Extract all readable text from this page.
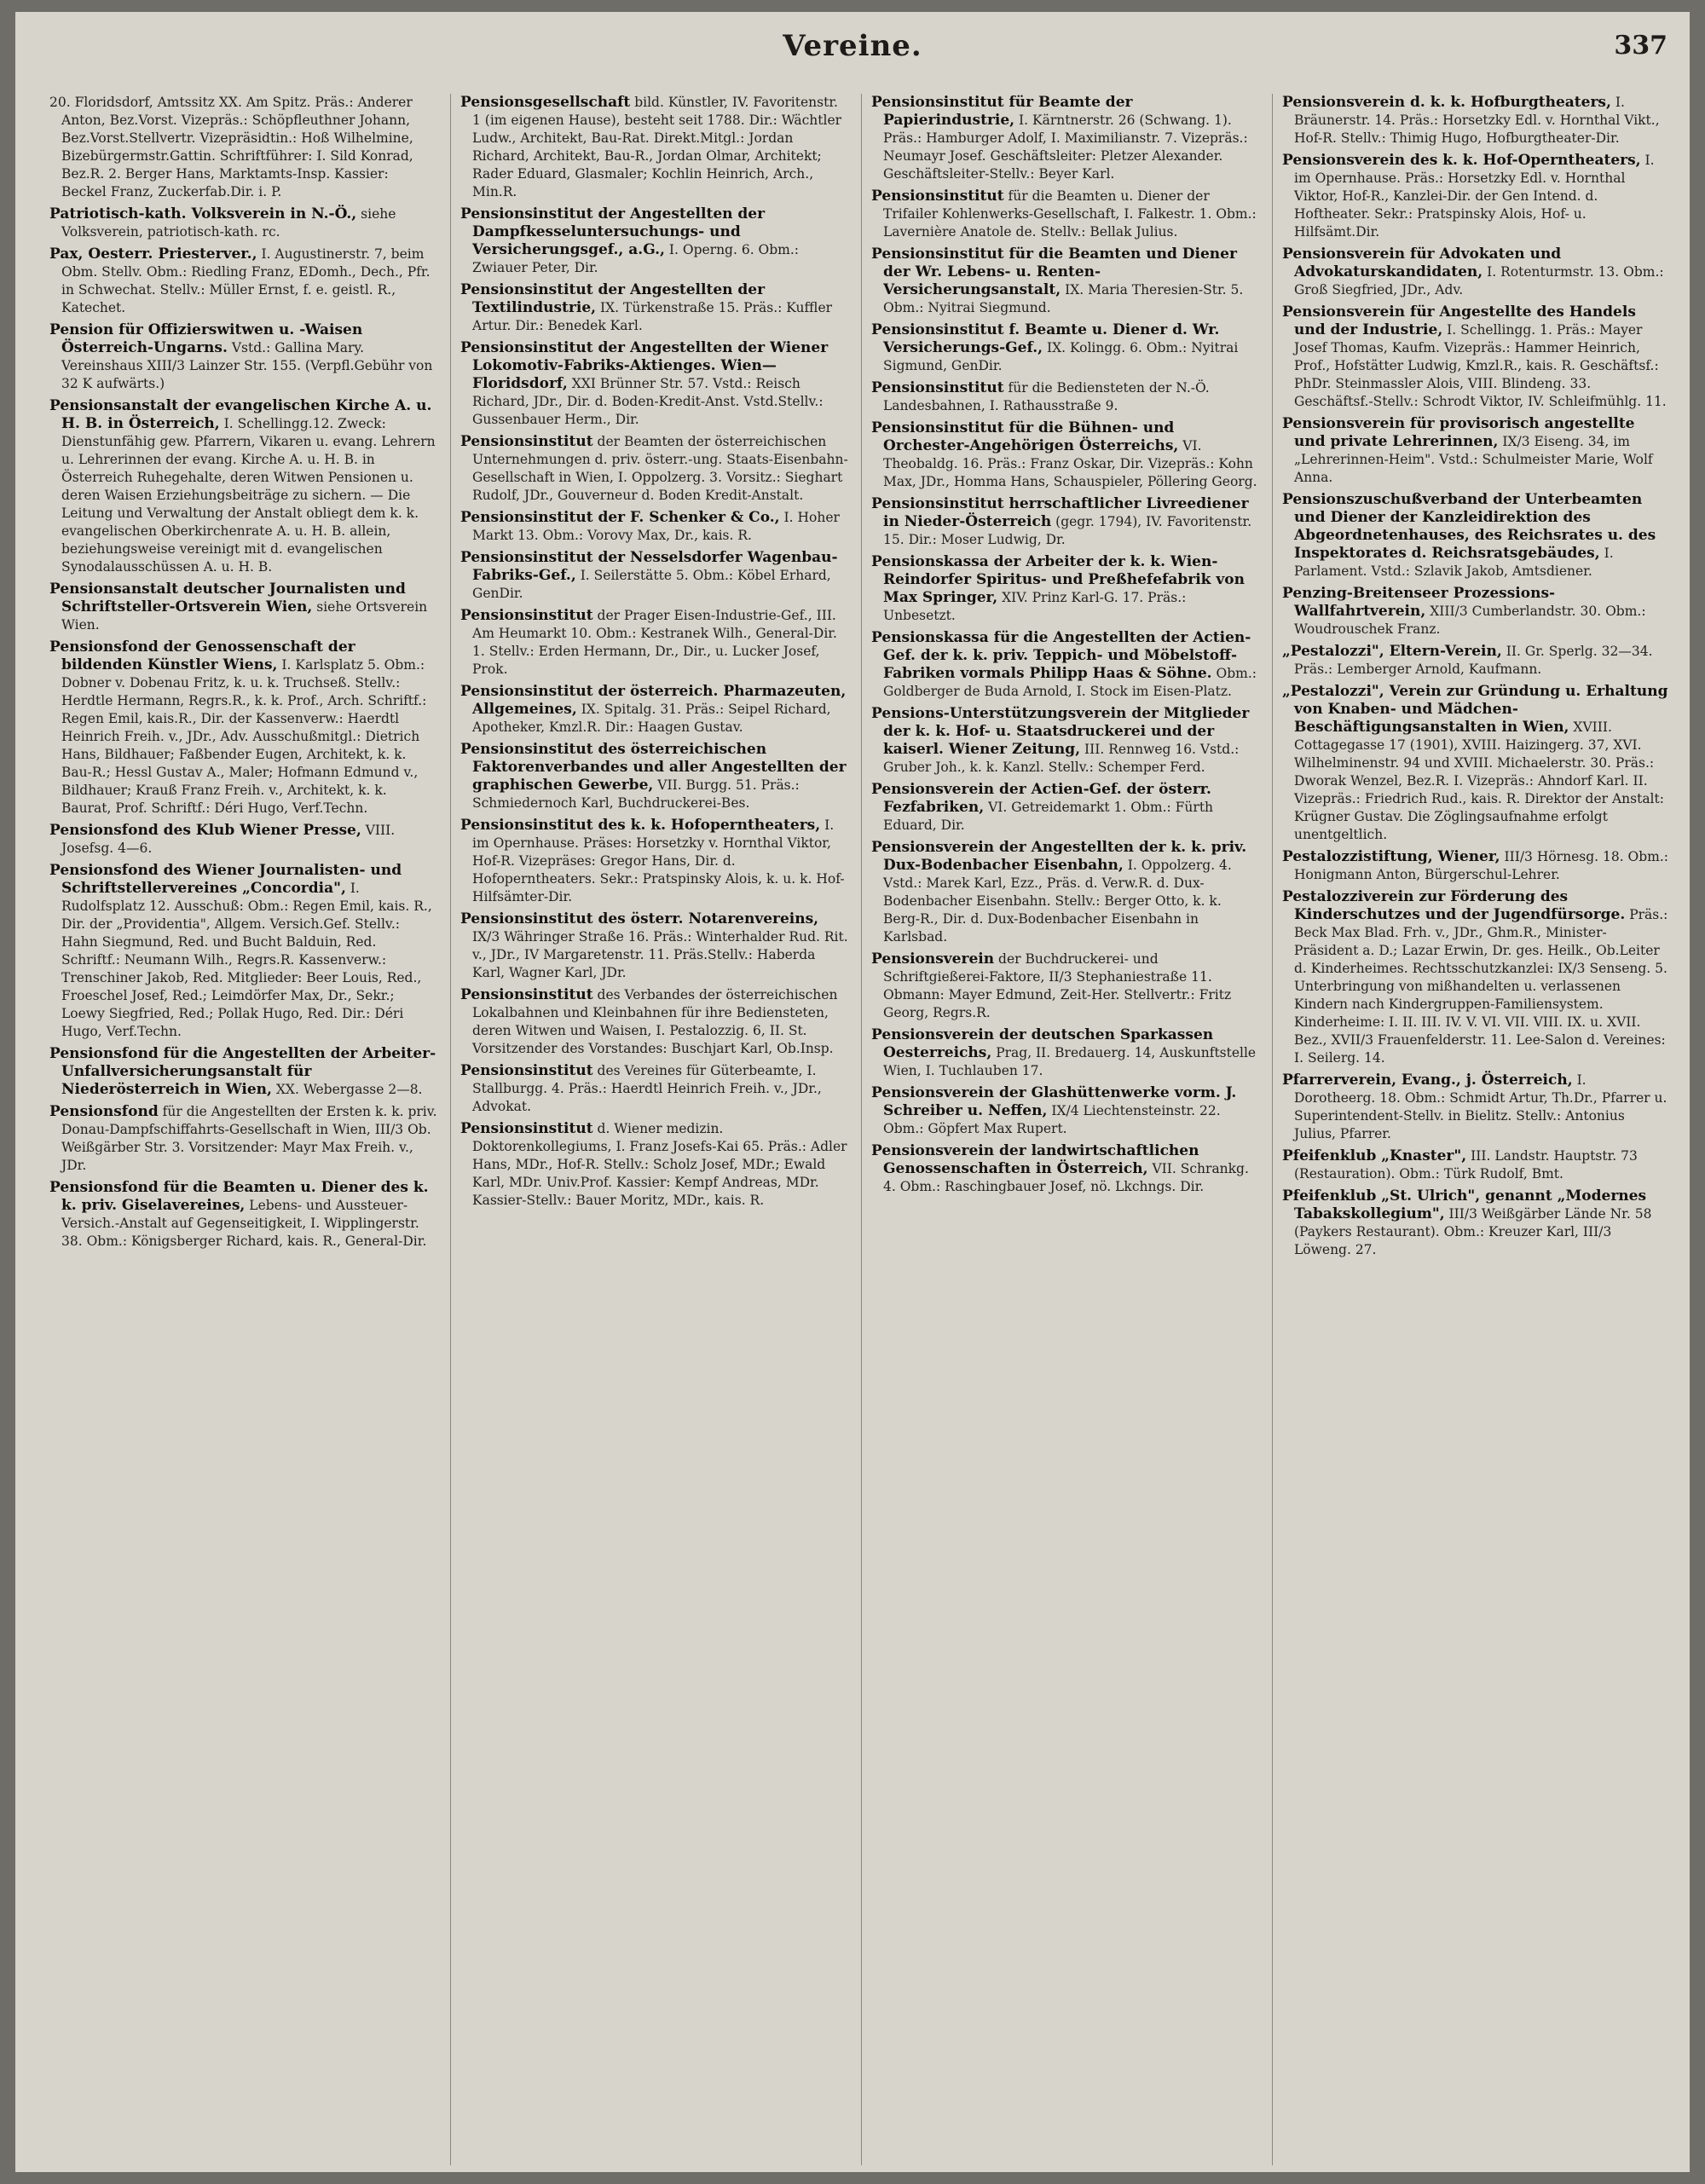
Vereine.	337
20. Floridsdorf, Amtssitz XX. Am Spitz. Präs.: Anderer Anton, Bez.Vorst. Vizepräs.: Schöpfleuthner Johann, Bez.Vorst.Stellvertr. Vizepräsidtin.: Hoß Wilhelmine, Bizebürgermstr.Gattin. Schriftführer: I. Sild Konrad, Bez.R. 2. Berger Hans, Marktamts-Insp. Kassier: Beckel Franz, Zuckerfab.Dir. i. P.
Patriotisch-kath. Volksverein in N.-Ö., siehe Volksverein, patriotisch-kath. rc.
Pax, Oesterr. Priesterver., I. Augustinerstr. 7, beim Obm. Stellv. Obm.: Riedling Franz, EDomh., Dech., Pfr. in Schwechat. Stellv.: Müller Ernst, f. e. geistl. R., Katechet.
Pension für Offizierswitwen u. -Waisen Österreich-Ungarns. Vstd.: Gallina Mary. Vereinshaus XIII/3 Lainzer Str. 155. (Verpfl.Gebühr von 32 K aufwärts.)
Pensionsanstalt der evangelischen Kirche A. u. H. B. in Österreich, I. Schellingg.12. Zweck: Dienstunfähig gew. Pfarrern, Vikaren u. evang. Lehrern u. Lehrerinnen der evang. Kirche A. u. H. B. in Österreich Ruhegehalte, deren Witwen Pensionen u. deren Waisen Erziehungsbeiträge zu sichern. — Die Leitung und Verwaltung der Anstalt obliegt dem k. k. evangelischen Oberkirchenrate A. u. H. B. allein, beziehungsweise vereinigt mit d. evangelischen Synodalausschüssen A. u. H. B.
Pensionsanstalt deutscher Journalisten und Schriftsteller-Ortsverein Wien, siehe Ortsverein Wien.
Pensionsfond der Genossenschaft der bildenden Künstler Wiens, I. Karlsplatz 5. Obm.: Dobner v. Dobenau Fritz, k. u. k. Truchseß. Stellv.: Herdtle Hermann, Regrs.R., k. k. Prof., Arch. Schriftf.: Regen Emil, kais.R., Dir. der Kassenverw.: Haerdtl Heinrich Freih. v., JDr., Adv. Ausschußmitgl.: Dietrich Hans, Bildhauer; Faßbender Eugen, Architekt, k. k. Bau-R.; Hessl Gustav A., Maler; Hofmann Edmund v., Bildhauer; Krauß Franz Freih. v., Architekt, k. k. Baurat, Prof. Schriftf.: Déri Hugo, Verf.Techn.
Pensionsfond des Klub Wiener Presse, VIII. Josefsg. 4—6.
Pensionsfond des Wiener Journalisten- und Schriftstellervereines „Concordia", I. Rudolfsplatz 12. Ausschuß: Obm.: Regen Emil, kais. R., Dir. der „Providentia", Allgem. Versich.Gef. Stellv.: Hahn Siegmund, Red. und Bucht Balduin, Red. Schriftf.: Neumann Wilh., Regrs.R. Kassenverw.: Trenschiner Jakob, Red. Mitglieder: Beer Louis, Red., Froeschel Josef, Red.; Leimdörfer Max, Dr., Sekr.; Loewy Siegfried, Red.; Pollak Hugo, Red. Dir.: Déri Hugo, Verf.Techn.
Pensionsfond für die Angestellten der Arbeiter-Unfallversicherungsanstalt für Niederösterreich in Wien, XX. Webergasse 2—8.
Pensionsfond für die Angestellten der Ersten k. k. priv. Donau-Dampfschiffahrts-Gesellschaft in Wien, III/3 Ob. Weißgärber Str. 3. Vorsitzender: Mayr Max Freih. v., JDr.
Pensionsfond für die Beamten u. Diener des k. k. priv. Giselavereines, Lebens- und Aussteuer-Versich.-Anstalt auf Gegenseitigkeit, I. Wipplingerstr. 38. Obm.: Königsberger Richard, kais. R., General-Dir.
Pensionsgesellschaft bild. Künstler, IV. Favoritenstr. 1 (im eigenen Hause), besteht seit 1788. Dir.: Wächtler Ludw., Architekt, Bau-Rat. Direkt.Mitgl.: Jordan Richard, Architekt, Bau-R., Jordan Olmar, Architekt; Rader Eduard, Glasmaler; Kochlin Heinrich, Arch., Min.R.
Pensionsinstitut der Angestellten der Dampfkesseluntersuchungs- und Versicherungsgef., a.G., I. Operng. 6. Obm.: Zwiauer Peter, Dir.
Pensionsinstitut der Angestellten der Textilindustrie, IX. Türkenstraße 15. Präs.: Kuffler Artur. Dir.: Benedek Karl.
Pensionsinstitut der Angestellten der Wiener Lokomotiv-Fabriks-Aktienges. Wien—Floridsdorf, XXI Brünner Str. 57. Vstd.: Reisch Richard, JDr., Dir. d. Boden-Kredit-Anst. Vstd.Stellv.: Gussenbauer Herm., Dir.
Pensionsinstitut der Beamten der österreichischen Unternehmungen d. priv. österr.-ung. Staats-Eisenbahn-Gesellschaft in Wien, I. Oppolzerg. 3. Vorsitz.: Sieghart Rudolf, JDr., Gouverneur d. Boden Kredit-Anstalt.
Pensionsinstitut der F. Schenker & Co., I. Hoher Markt 13. Obm.: Vorovy Max, Dr., kais. R.
Pensionsinstitut der Nesselsdorfer Wagenbau-Fabriks-Gef., I. Seilerstätte 5. Obm.: Köbel Erhard, GenDir.
Pensionsinstitut der Prager Eisen-Industrie-Gef., III. Am Heumarkt 10. Obm.: Kestranek Wilh., General-Dir. 1. Stellv.: Erden Hermann, Dr., Dir., u. Lucker Josef, Prok.
Pensionsinstitut der österreich. Pharmazeuten, Allgemeines, IX. Spitalg. 31. Präs.: Seipel Richard, Apotheker, Kmzl.R. Dir.: Haagen Gustav.
Pensionsinstitut des österreichischen Faktorenverbandes und aller Angestellten der graphischen Gewerbe, VII. Burgg. 51. Präs.: Schmiedernoch Karl, Buchdruckerei-Bes.
Pensionsinstitut des k. k. Hofoperntheaters, I. im Opernhause. Präses: Horsetzky v. Hornthal Viktor, Hof-R. Vizepräses: Gregor Hans, Dir. d. Hofoperntheaters. Sekr.: Pratspinsky Alois, k. u. k. Hof-Hilfsämter-Dir.
Pensionsinstitut des österr. Notarenvereins, IX/3 Währinger Straße 16. Präs.: Winterhalder Rud. Rit. v., JDr., IV Margaretenstr. 11. Präs.Stellv.: Haberda Karl, Wagner Karl, JDr.
Pensionsinstitut des Verbandes der österreichischen Lokalbahnen und Kleinbahnen für ihre Bediensteten, deren Witwen und Waisen, I. Pestalozzig. 6, II. St. Vorsitzender des Vorstandes: Buschjart Karl, Ob.Insp.
Pensionsinstitut des Vereines für Güterbeamte, I. Stallburgg. 4. Präs.: Haerdtl Heinrich Freih. v., JDr., Advokat.
Pensionsinstitut d. Wiener medizin. Doktorenkollegiums, I. Franz Josefs-Kai 65. Präs.: Adler Hans, MDr., Hof-R. Stellv.: Scholz Josef, MDr.; Ewald Karl, MDr. Univ.Prof. Kassier: Kempf Andreas, MDr. Kassier-Stellv.: Bauer Moritz, MDr., kais. R.
Pensionsinstitut für Beamte der Papierindustrie, I. Kärntnerstr. 26 (Schwang. 1). Präs.: Hamburger Adolf, I. Maximilianstr. 7. Vizepräs.: Neumayr Josef. Geschäftsleiter: Pletzer Alexander. Geschäftsleiter-Stellv.: Beyer Karl.
Pensionsinstitut für die Beamten u. Diener der Trifailer Kohlenwerks-Gesellschaft, I. Falkestr. 1. Obm.: Lavernière Anatole de. Stellv.: Bellak Julius.
Pensionsinstitut für die Beamten und Diener der Wr. Lebens- u. Renten-Versicherungsanstalt, IX. Maria Theresien-Str. 5. Obm.: Nyitrai Siegmund.
Pensionsinstitut f. Beamte u. Diener d. Wr. Versicherungs-Gef., IX. Kolingg. 6. Obm.: Nyitrai Sigmund, GenDir.
Pensionsinstitut für die Bediensteten der N.-Ö. Landesbahnen, I. Rathausstraße 9.
Pensionsinstitut für die Bühnen- und Orchester-Angehörigen Österreichs, VI. Theobaldg. 16. Präs.: Franz Oskar, Dir. Vizepräs.: Kohn Max, JDr., Homma Hans, Schauspieler, Pöllering Georg.
Pensionsinstitut herrschaftlicher Livreediener in Nieder-Österreich (gegr. 1794), IV. Favoritenstr. 15. Dir.: Moser Ludwig, Dr.
Pensionskassa der Arbeiter der k. k. Wien-Reindorfer Spiritus- und Preßhefefabrik von Max Springer, XIV. Prinz Karl-G. 17. Präs.: Unbesetzt.
Pensionskassa für die Angestellten der Actien-Gef. der k. k. priv. Teppich- und Möbelstoff-Fabriken vormals Philipp Haas & Söhne. Obm.: Goldberger de Buda Arnold, I. Stock im Eisen-Platz.
Pensions-Unterstützungsverein der Mitglieder der k. k. Hof- u. Staatsdruckerei und der kaiserl. Wiener Zeitung, III. Rennweg 16. Vstd.: Gruber Joh., k. k. Kanzl. Stellv.: Schemper Ferd.
Pensionsverein der Actien-Gef. der österr. Fezfabriken, VI. Getreidemarkt 1. Obm.: Fürth Eduard, Dir.
Pensionsverein der Angestellten der k. k. priv. Dux-Bodenbacher Eisenbahn, I. Oppolzerg. 4. Vstd.: Marek Karl, Ezz., Präs. d. Verw.R. d. Dux-Bodenbacher Eisenbahn. Stellv.: Berger Otto, k. k. Berg-R., Dir. d. Dux-Bodenbacher Eisenbahn in Karlsbad.
Pensionsverein der Buchdruckerei- und Schriftgießerei-Faktore, II/3 Stephaniestraße 11. Obmann: Mayer Edmund, Zeit-Her. Stellvertr.: Fritz Georg, Regrs.R.
Pensionsverein der deutschen Sparkassen Oesterreichs, Prag, II. Bredauerg. 14, Auskunftstelle Wien, I. Tuchlauben 17.
Pensionsverein der Glashüttenwerke vorm. J. Schreiber u. Neffen, IX/4 Liechtensteinstr. 22. Obm.: Göpfert Max Rupert.
Pensionsverein der landwirtschaftlichen Genossenschaften in Österreich, VII. Schrankg. 4. Obm.: Raschingbauer Josef, nö. Lkchngs. Dir.
Pensionsverein d. k. k. Hofburgtheaters, I. Bräunerstr. 14. Präs.: Horsetzky Edl. v. Hornthal Vikt., Hof-R. Stellv.: Thimig Hugo, Hofburgtheater-Dir.
Pensionsverein des k. k. Hof-Operntheaters, I. im Opernhause. Präs.: Horsetzky Edl. v. Hornthal Viktor, Hof-R., Kanzlei-Dir. der Gen Intend. d. Hoftheater. Sekr.: Pratspinsky Alois, Hof- u. Hilfsämt.Dir.
Pensionsverein für Advokaten und Advokaturskandidaten, I. Rotenturmstr. 13. Obm.: Groß Siegfried, JDr., Adv.
Pensionsverein für Angestellte des Handels und der Industrie, I. Schellingg. 1. Präs.: Mayer Josef Thomas, Kaufm. Vizepräs.: Hammer Heinrich, Prof., Hofstätter Ludwig, Kmzl.R., kais. R. Geschäftsf.: PhDr. Steinmassler Alois, VIII. Blindeng. 33. Geschäftsf.-Stellv.: Schrodt Viktor, IV. Schleifmühlg. 11.
Pensionsverein für provisorisch angestellte und private Lehrerinnen, IX/3 Eiseng. 34, im „Lehrerinnen-Heim". Vstd.: Schulmeister Marie, Wolf Anna.
Pensionszuschußverband der Unterbeamten und Diener der Kanzleidirektion des Abgeordnetenhauses, des Reichsrates u. des Inspektorates d. Reichsratsgebäudes, I. Parlament. Vstd.: Szlavik Jakob, Amtsdiener.
Penzing-Breitenseer Prozessions-Wallfahrtverein, XIII/3 Cumberlandstr. 30. Obm.: Woudrouschek Franz.
„Pestalozzi", Eltern-Verein, II. Gr. Sperlg. 32—34. Präs.: Lemberger Arnold, Kaufmann.
„Pestalozzi", Verein zur Gründung u. Erhaltung von Knaben- und Mädchen-Beschäftigungsanstalten in Wien, XVIII. Cottagegasse 17 (1901), XVIII. Haizingerg. 37, XVI. Wilhelminenstr. 94 und XVIII. Michaelerstr. 30. Präs.: Dworak Wenzel, Bez.R. I. Vizepräs.: Ahndorf Karl. II. Vizepräs.: Friedrich Rud., kais. R. Direktor der Anstalt: Krügner Gustav. Die Zöglingsaufnahme erfolgt unentgeltlich.
Pestalozzistiftung, Wiener, III/3 Hörnesg. 18. Obm.: Honigmann Anton, Bürgerschul-Lehrer.
Pestalozziverein zur Förderung des Kinderschutzes und der Jugendfürsorge. Präs.: Beck Max Blad. Frh. v., JDr., Ghm.R., Minister-Präsident a. D.; Lazar Erwin, Dr. ges. Heilk., Ob.Leiter d. Kinderheimes. Rechtsschutzkanzlei: IX/3 Senseng. 5. Unterbringung von mißhandelten u. verlassenen Kindern nach Kindergruppen-Familiensystem. Kinderheime: I. II. III. IV. V. VI. VII. VIII. IX. u. XVII. Bez., XVII/3 Frauenfelderstr. 11. Lee-Salon d. Vereines: I. Seilerg. 14.
Pfarrerverein, Evang., j. Österreich, I. Dorotheerg. 18. Obm.: Schmidt Artur, Th.Dr., Pfarrer u. Superintendent-Stellv. in Bielitz. Stellv.: Antonius Julius, Pfarrer.
Pfeifenklub „Knaster", III. Landstr. Hauptstr. 73 (Restauration). Obm.: Türk Rudolf, Bmt.
Pfeifenklub „St. Ulrich", genannt „Modernes Tabakskollegium", III/3 Weißgärber Lände Nr. 58 (Paykers Restaurant). Obm.: Kreuzer Karl, III/3 Löweng. 27.
